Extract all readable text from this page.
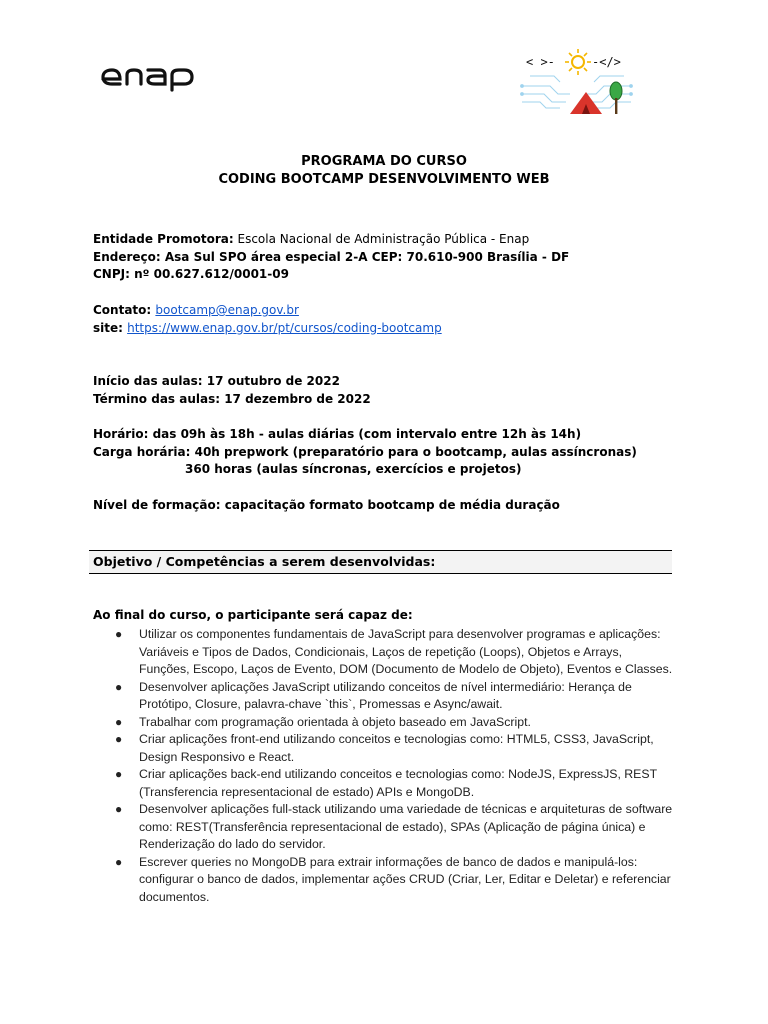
< >-	-</>
PROGRAMA DO CURSO
CODING BOOTCAMP DESENVOLVIMENTO WEB
Entidade Promotora: Escola Nacional de Administração Pública - Enap
Endereço: Asa Sul SPO área especial 2-A CEP: 70.610-900 Brasília - DF
CNPJ: nº 00.627.612/0001-09
Contato: bootcamp@enap.gov.br
site: https://www.enap.gov.br/pt/cursos/coding-bootcamp
Início das aulas: 17 outubro de 2022
Término das aulas: 17 dezembro de 2022
Horário: das 09h às 18h - aulas diárias (com intervalo entre 12h às 14h)
Carga horária: 40h prepwork (preparatório para o bootcamp, aulas assíncronas)
360 horas (aulas síncronas, exercícios e projetos)
Nível de formação: capacitação formato bootcamp de média duração
Objetivo / Competências a serem desenvolvidas:
Ao final do curso, o participante será capaz de:
● Utilizar os componentes fundamentais de JavaScript para desenvolver programas e aplicações: Variáveis e Tipos de Dados, Condicionais, Laços de repetição (Loops), Objetos e Arrays, Funções, Escopo, Laços de Evento, DOM (Documento de Modelo de Objeto), Eventos e Classes.
● Desenvolver aplicações JavaScript utilizando conceitos de nível intermediário: Herança de Protótipo, Closure, palavra-chave `this`, Promessas e Async/await.
● Trabalhar com programação orientada à objeto baseado em JavaScript.
● Criar aplicações front-end utilizando conceitos e tecnologias como: HTML5, CSS3, JavaScript, Design Responsivo e React.
● Criar aplicações back-end utilizando conceitos e tecnologias como: NodeJS, ExpressJS, REST (Transferencia representacional de estado) APIs e MongoDB.
● Desenvolver aplicações full-stack utilizando uma variedade de técnicas e arquiteturas de software como: REST(Transferência representacional de estado), SPAs (Aplicação de página única) e Renderização do lado do servidor.
● Escrever queries no MongoDB para extrair informações de banco de dados e manipulá-los: configurar o banco de dados, implementar ações CRUD (Criar, Ler, Editar e Deletar) e referenciar documentos.
